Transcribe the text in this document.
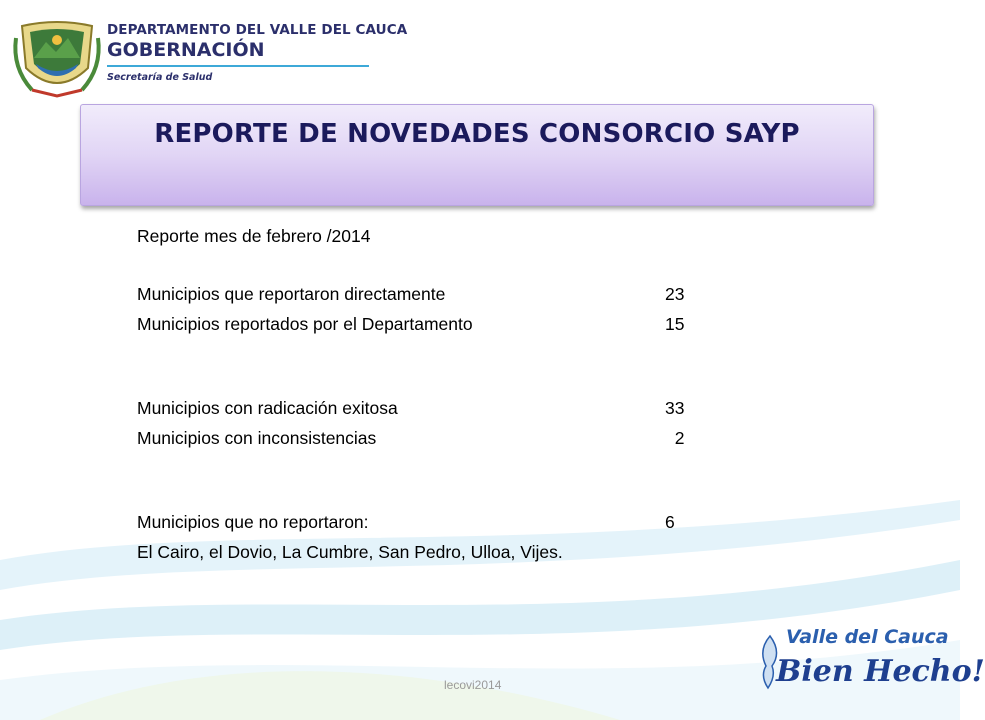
DEPARTAMENTO DEL VALLE DEL CAUCA
GOBERNACIÓN
Secretaría de Salud
REPORTE DE NOVEDADES CONSORCIO SAYP
Reporte mes de febrero /2014
Municipios que reportaron directamente	23
Municipios reportados por el Departamento	15
Municipios con radicación exitosa	33
Municipios con inconsistencias	2
Municipios que no reportaron:	6
El Cairo, el Dovio, La Cumbre, San Pedro, Ulloa, Vijes.
lecovi2014
Valle del Cauca
Bien Hecho!
